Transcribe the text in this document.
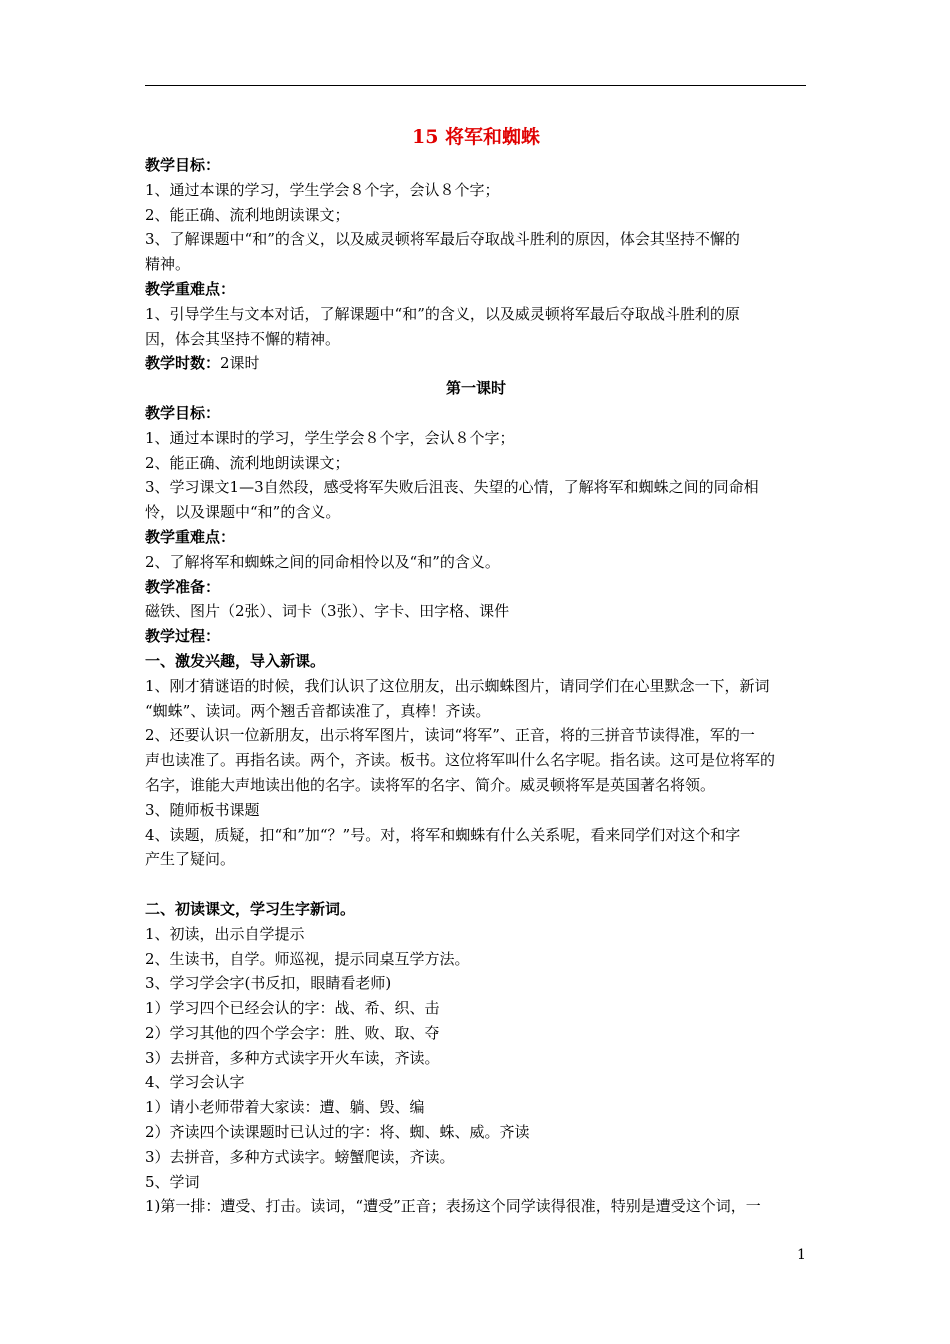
15 将军和蜘蛛
教学目标：
1、通过本课的学习，学生学会８个字，会认８个字；
2、能正确、流利地朗读课文；
3、了解课题中“和”的含义，以及威灵顿将军最后夺取战斗胜利的原因，体会其坚持不懈的
精神。
教学重难点：
1、引导学生与文本对话，了解课题中“和”的含义，以及威灵顿将军最后夺取战斗胜利的原
因，体会其坚持不懈的精神。
教学时数：2课时
第一课时
教学目标：
1、通过本课时的学习，学生学会８个字，会认８个字；
2、能正确、流利地朗读课文；
3、学习课文1—3自然段，感受将军失败后沮丧、失望的心情，了解将军和蜘蛛之间的同命相
怜，以及课题中“和”的含义。
教学重难点：
2、了解将军和蜘蛛之间的同命相怜以及“和”的含义。
教学准备：
磁铁、图片（2张）、词卡（3张）、字卡、田字格、课件
教学过程：
一、激发兴趣，导入新课。
1、刚才猜谜语的时候，我们认识了这位朋友，出示蜘蛛图片，请同学们在心里默念一下，新词
“蜘蛛”、读词。两个翘舌音都读准了，真棒！齐读。
2、还要认识一位新朋友，出示将军图片，读词“将军”、正音，将的三拼音节读得准，军的一
声也读准了。再指名读。两个，齐读。板书。这位将军叫什么名字呢。指名读。这可是位将军的
名字，谁能大声地读出他的名字。读将军的名字、简介。威灵顿将军是英国著名将领。
3、随师板书课题
4、读题，质疑，扣“和”加“？”号。对，将军和蜘蛛有什么关系呢，看来同学们对这个和字
产生了疑问。
二、初读课文，学习生字新词。
1、初读，出示自学提示
2、生读书，自学。师巡视，提示同桌互学方法。
3、学习学会字(书反扣，眼睛看老师)
1）学习四个已经会认的字：战、希、织、击
2）学习其他的四个学会字：胜、败、取、夺
3）去拼音，多种方式读字开火车读，齐读。
4、学习会认字
1）请小老师带着大家读：遭、躺、毁、编
2）齐读四个读课题时已认过的字：将、蜘、蛛、威。齐读
3）去拼音，多种方式读字。螃蟹爬读，齐读。
5、学词
1)第一排：遭受、打击。读词，“遭受”正音；表扬这个同学读得很准，特别是遭受这个词，一
1
